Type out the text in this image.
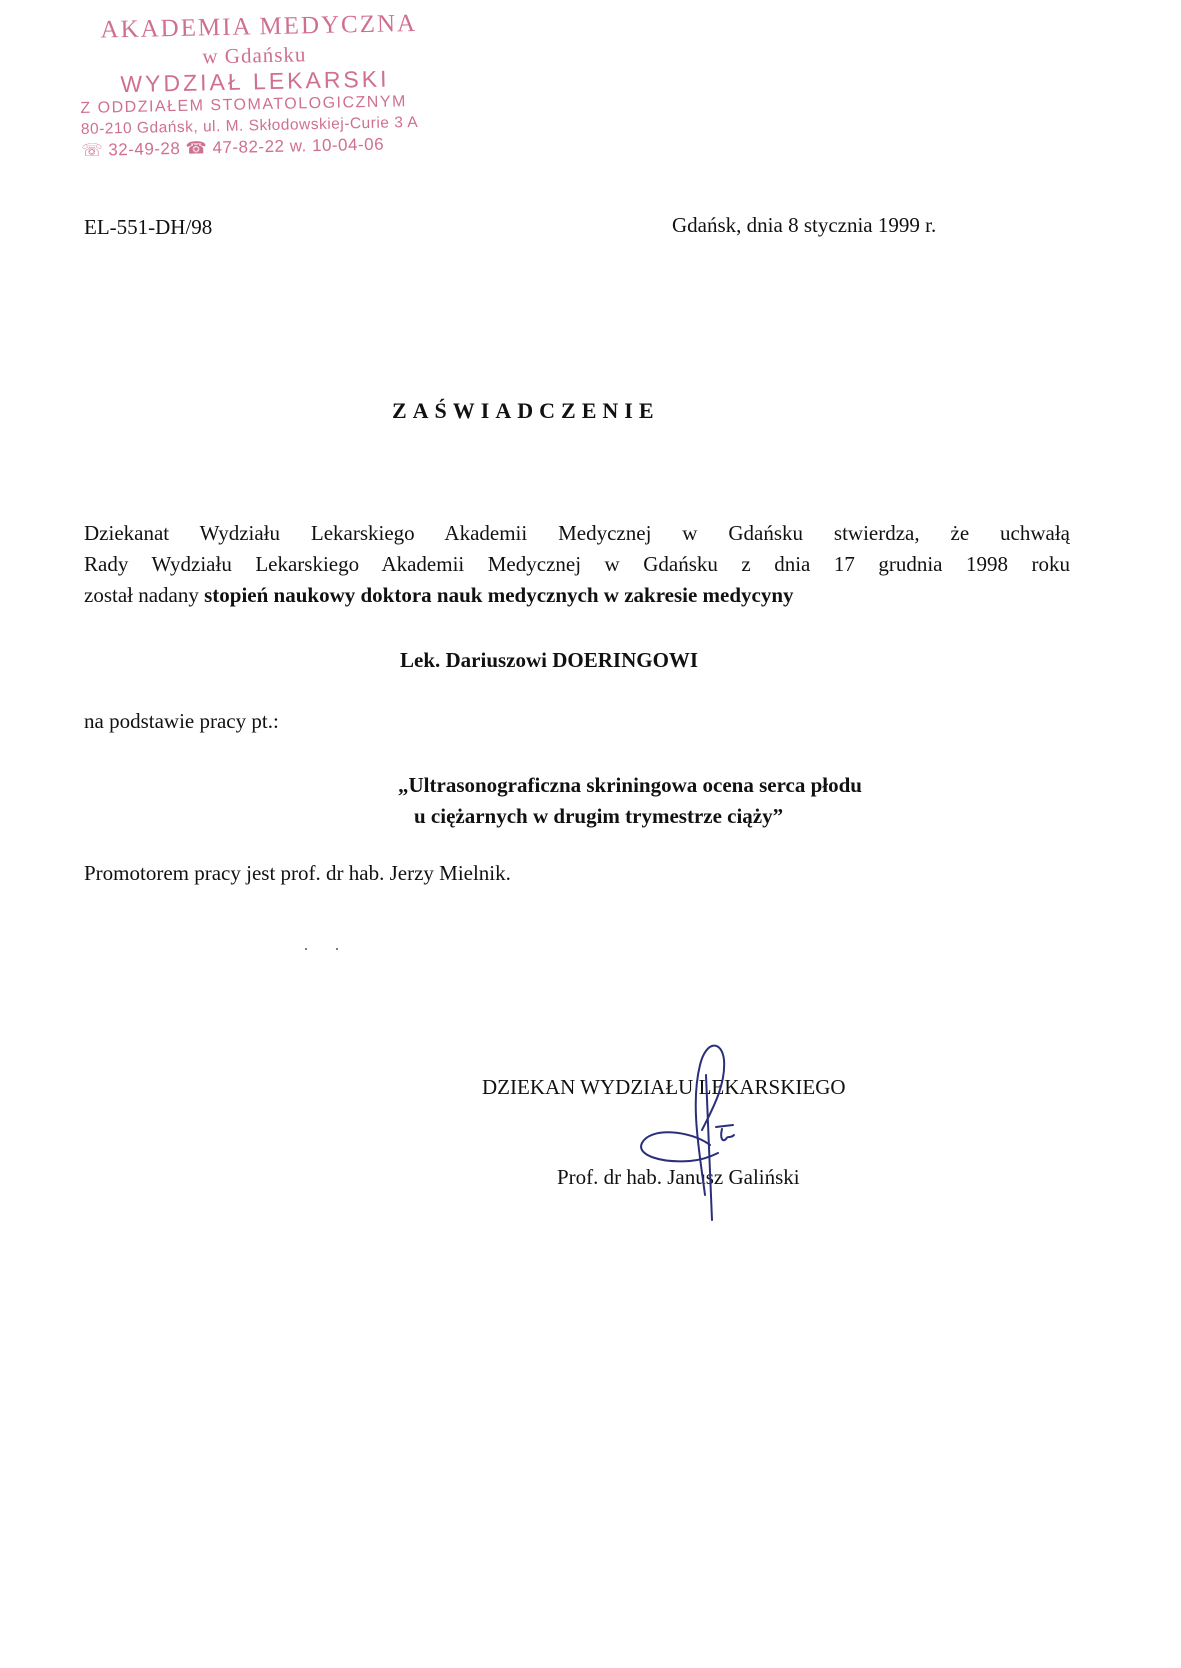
AKADEMIA MEDYCZNA
w Gdańsku
WYDZIAŁ LEKARSKI
Z ODDZIAŁEM STOMATOLOGICZNYM
80-210 Gdańsk, ul. M. Skłodowskiej-Curie 3 A
☏ 32-49-28 ☎ 47-82-22 w. 10-04-06
EL-551-DH/98	Gdańsk, dnia 8 stycznia 1999 r.
ZAŚWIADCZENIE
Dziekanat Wydziału Lekarskiego Akademii Medycznej w Gdańsku stwierdza, że uchwałą
Rady Wydziału Lekarskiego Akademii Medycznej w Gdańsku z dnia 17 grudnia 1998 roku
został nadany stopień naukowy doktora nauk medycznych w zakresie medycyny
Lek. Dariuszowi DOERINGOWI
na podstawie pracy pt.:
„Ultrasonograficzna skriningowa ocena serca płodu
u ciężarnych w drugim trymestrze ciąży”
Promotorem pracy jest prof. dr hab. Jerzy Mielnik.
DZIEKAN WYDZIAŁU LEKARSKIEGO
Prof. dr hab. Janusz Galiński
